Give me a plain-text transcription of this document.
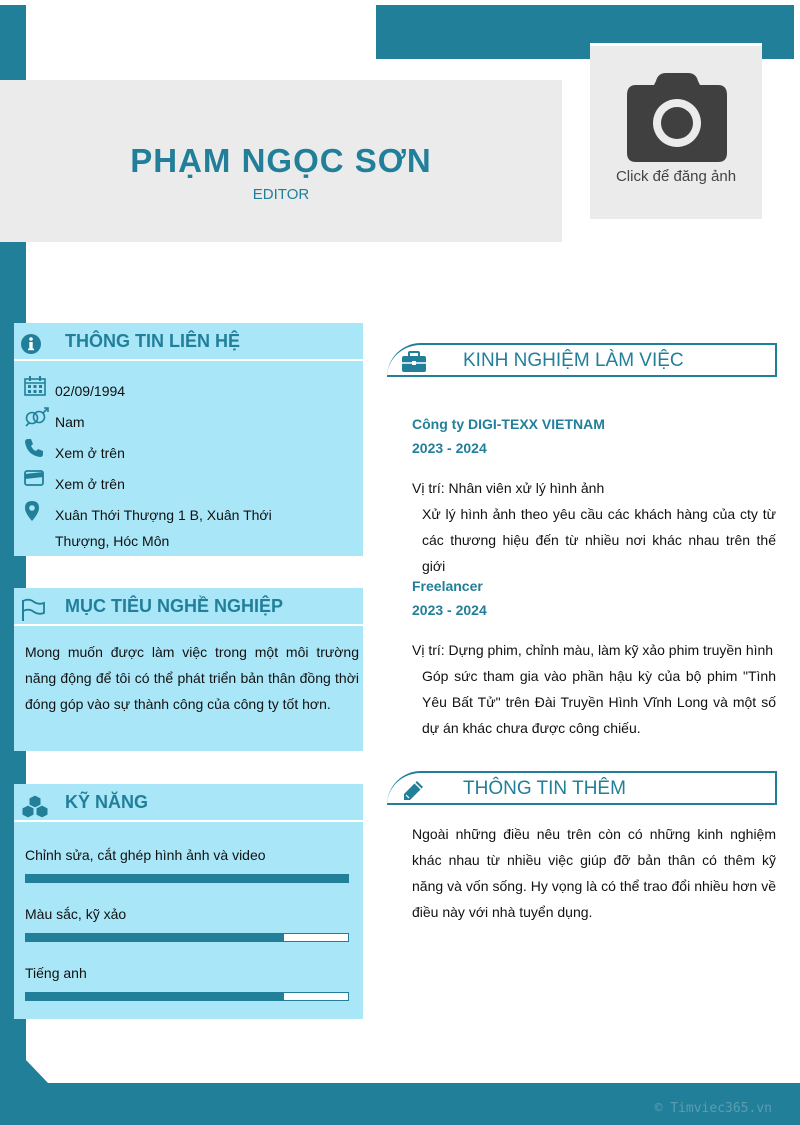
PHẠM NGỌC SƠN
EDITOR
Click để đăng ảnh
THÔNG TIN LIÊN HỆ
02/09/1994
Nam
Xem ở trên
Xem ở trên
Xuân Thới Thượng 1 B, Xuân Thới Thượng, Hóc Môn
MỤC TIÊU NGHỀ NGHIỆP
Mong muốn được làm việc trong một môi trường năng động để tôi có thể phát triển bản thân đồng thời đóng góp vào sự thành công của công ty tốt hơn.
KỸ NĂNG
Chỉnh sửa, cắt ghép hình ảnh và video
Màu sắc, kỹ xảo
Tiếng anh
KINH NGHIỆM LÀM VIỆC
Công ty DIGI-TEXX VIETNAM
2023 - 2024
Vị trí: Nhân viên xử lý hình ảnh
Xử lý hình ảnh theo yêu cầu các khách hàng của cty từ các thương hiệu đến từ nhiều nơi khác nhau trên thế giới
Freelancer
2023 - 2024
Vị trí: Dựng phim, chỉnh màu, làm kỹ xảo phim truyền hình
Góp sức tham gia vào phần hậu kỳ của bộ phim "Tình Yêu Bất Tử" trên Đài Truyền Hình Vĩnh Long và một số dự án khác chưa được công chiếu.
THÔNG TIN THÊM
Ngoài những điều nêu trên còn có những kinh nghiệm khác nhau từ nhiều việc giúp đỡ bản thân có thêm kỹ năng và vốn sống. Hy vọng là có thể trao đổi nhiều hơn về điều này với nhà tuyển dụng.
© Timviec365.vn
